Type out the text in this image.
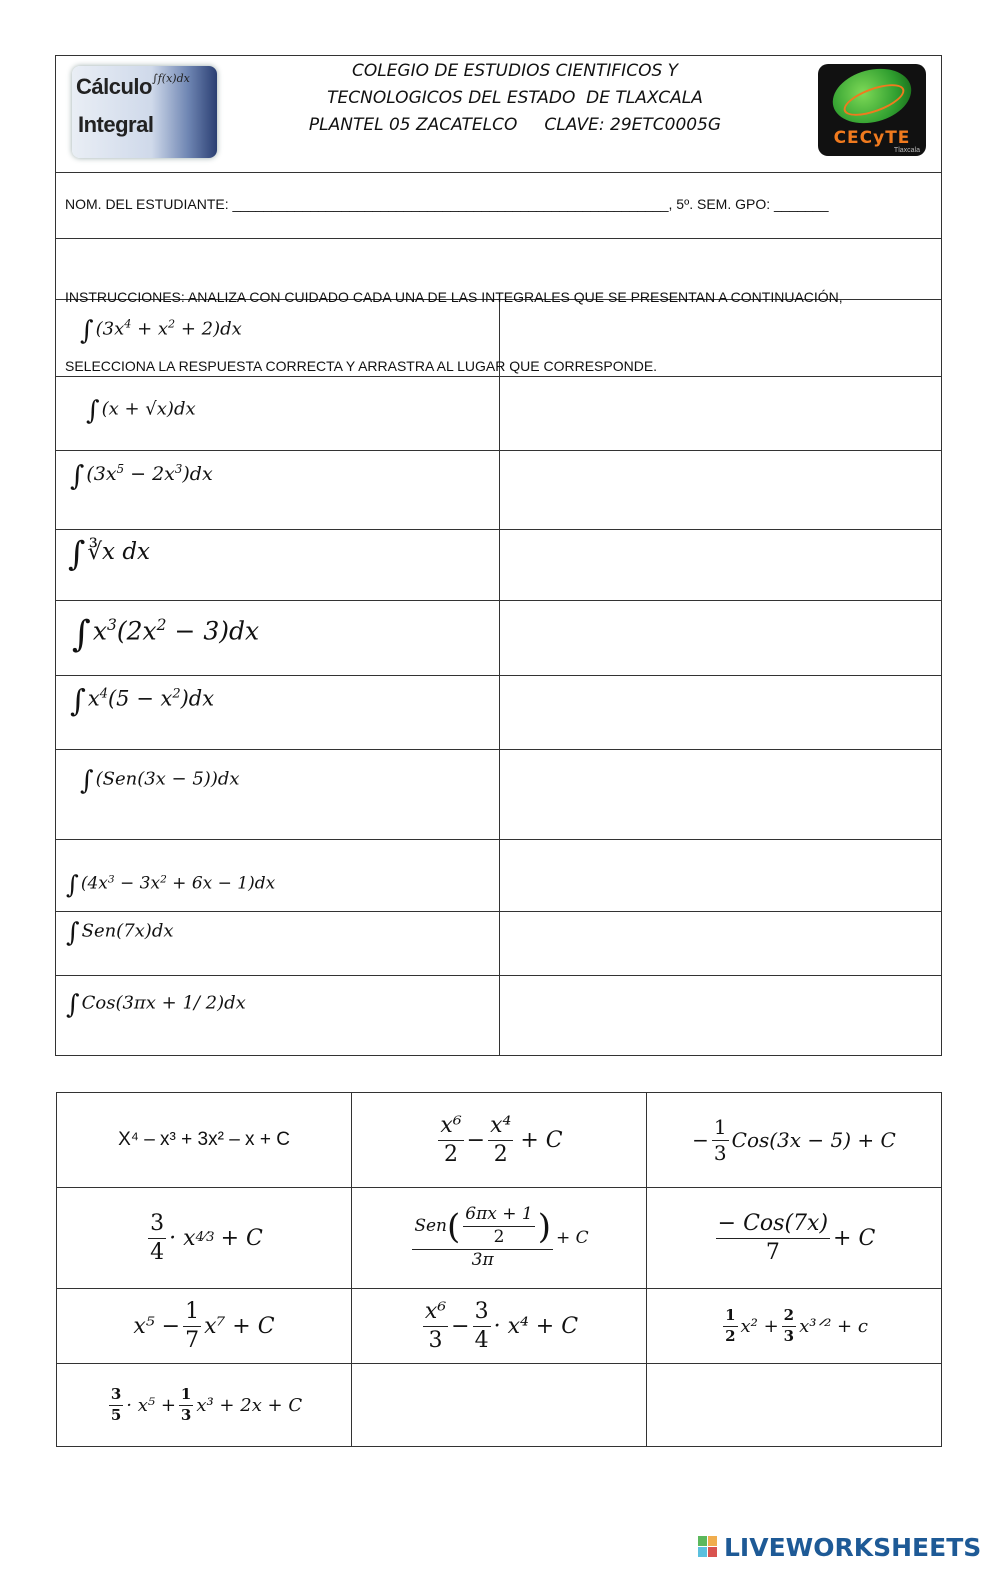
Cálculo ∫f(x)dx
Integral
COLEGIO DE ESTUDIOS CIENTIFICOS Y
TECNOLOGICOS DEL ESTADO  DE TLAXCALA
PLANTEL 05 ZACATELCO     CLAVE: 29ETC0005G
CECyTE
Tlaxcala
NOM. DEL ESTUDIANTE: ________________________________________________________, 5º. SEM. GPO: _______

INSTRUCCIONES: ANALIZA CON CUIDADO CADA UNA DE LAS INTEGRALES QUE SE PRESENTAN A CONTINUACIÓN,

SELECCIONA LA RESPUESTA CORRECTA Y ARRASTRA AL LUGAR QUE CORRESPONDE.

∫ $(3x^4 + x^2 + 2)dx$
∫ (x + √x)dx
∫ $(3x^5 - 2x^3)dx$
∫∛x dx
$\int x^3(2x^2 - 3)dx$
$\int x^4(5 - x^2)dx$
∫ (Sen(3x − 5))dx
∫ $(4x^3 - 3x^2 + 6x - 1)dx$
∫ Sen(7x)dx
∫ Cos(3πx + 1/ 2)dx
X⁴ – x³ + 3x² – x + C	$\frac{\text{x⁶}}{2} - \frac{\text{x⁴}}{2} + C$	− $\frac{1}{3} Cos(3x - 5) + C$
$\frac{3}{4} \cdot x$ 4⁄3 + C	$\frac{Sen ( \frac{6\pi x + 1}{2} )}{3\pi} + C$	$\frac{\text{− Cos(7x)}}{7} + C$
$x^5 - \frac{1}{7} x^7 + C$	$\frac{\text{x⁶}}{3} - \frac{3}{4} \cdot x^4 + C$	$\frac{1}{2} x^2 + \frac{2}{3}$ x³ᐟ² + c
$\frac{3}{5} \cdot x^5 + \frac{1}{3} x^3 + 2x + C$
LIVEWORKSHEETS
